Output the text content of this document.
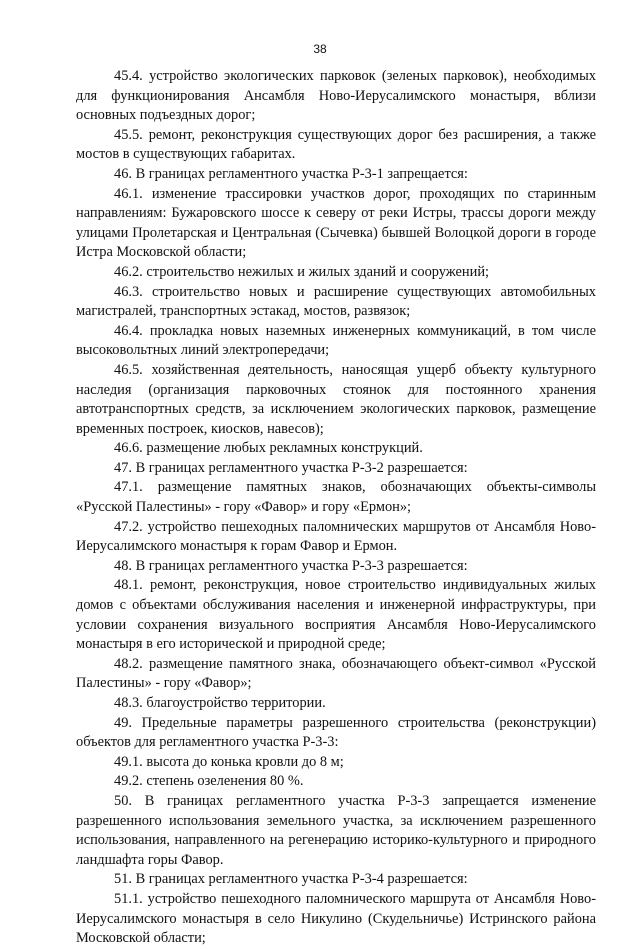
38

45.4. устройство экологических парковок (зеленых парковок), необходимых для функционирования Ансамбля Ново-Иерусалимского монастыря, вблизи основных подъездных дорог;

45.5. ремонт, реконструкция существующих дорог без расширения, а также мостов в существующих габаритах.

46. В границах регламентного участка Р-3-1 запрещается:

46.1. изменение трассировки участков дорог, проходящих по старинным направлениям: Бужаровского шоссе к северу от реки Истры, трассы дороги между улицами Пролетарская и Центральная (Сычевка) бывшей Волоцкой дороги в городе Истра Московской области;

46.2. строительство нежилых и жилых зданий и сооружений;

46.3. строительство новых и расширение существующих автомобильных магистралей, транспортных эстакад, мостов, развязок;

46.4. прокладка новых наземных инженерных коммуникаций, в том числе высоковольтных линий электропередачи;

46.5. хозяйственная деятельность, наносящая ущерб объекту культурного наследия (организация парковочных стоянок для постоянного хранения автотранспортных средств, за исключением экологических парковок, размещение временных построек, киосков, навесов);

46.6. размещение любых рекламных конструкций.

47. В границах регламентного участка Р-3-2 разрешается:

47.1. размещение памятных знаков, обозначающих объекты-символы «Русской Палестины» - гору «Фавор» и гору «Ермон»;

47.2. устройство пешеходных паломнических маршрутов от Ансамбля Ново-Иерусалимского монастыря к горам Фавор и Ермон.

48. В границах регламентного участка Р-3-3 разрешается:

48.1. ремонт, реконструкция, новое строительство индивидуальных жилых домов с объектами обслуживания населения и инженерной инфраструктуры, при условии сохранения визуального восприятия Ансамбля Ново-Иерусалимского монастыря в его исторической и природной среде;

48.2. размещение памятного знака, обозначающего объект-символ «Русской Палестины» - гору «Фавор»;

48.3. благоустройство территории.

49. Предельные параметры разрешенного строительства (реконструкции) объектов для регламентного участка Р-3-3:

49.1. высота до конька кровли до 8 м;

49.2. степень озеленения 80 %.

50. В границах регламентного участка Р-3-3 запрещается изменение разрешенного использования земельного участка, за исключением разрешенного использования, направленного на регенерацию историко-культурного и природного ландшафта горы Фавор.

51. В границах регламентного участка Р-3-4 разрешается:

51.1. устройство пешеходного паломнического маршрута от Ансамбля Ново-Иерусалимского монастыря в село Никулино (Скудельничье) Истринского района Московской области;
